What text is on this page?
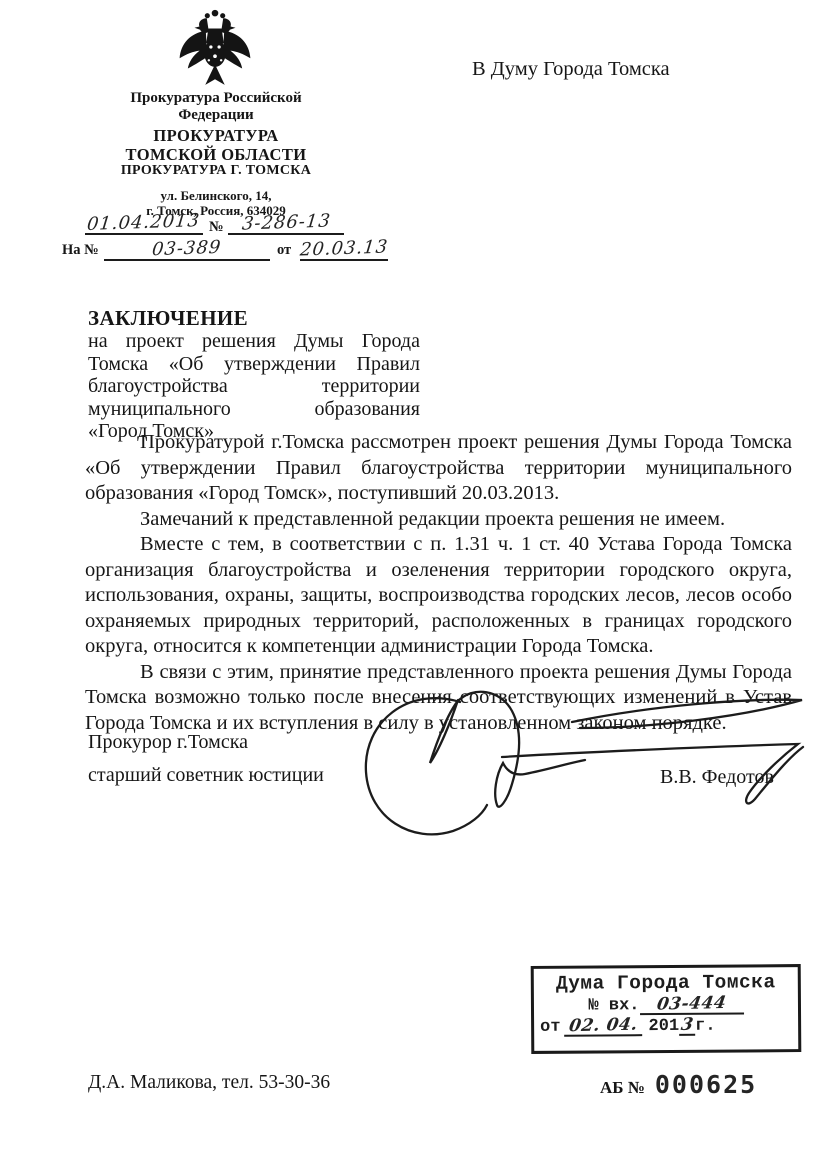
Прокуратура Российской Федерации
ПРОКУРАТУРА ТОМСКОЙ ОБЛАСТИ
ПРОКУРАТУРА Г. ТОМСКА
ул. Белинского, 14,
г. Томск, Россия, 634029
01.04.2013 № 3-286-13
На №	03-389	от 20.03.13
В Думу Города Томска
ЗАКЛЮЧЕНИЕ
на проект решения Думы Города
Томска «Об утверждении Правил
благоустройства территории
муниципального образования
«Город Томск»

Прокуратурой г.Томска рассмотрен проект решения Думы Города Томска «Об утверждении Правил благоустройства территории муниципального образования «Город Томск», поступивший 20.03.2013.

Замечаний к представленной редакции проекта решения не имеем.

Вместе с тем, в соответствии с п. 1.31 ч. 1 ст. 40 Устава Города Томска организация благоустройства и озеленения территории городского округа, использования, охраны, защиты, воспроизводства городских лесов, лесов особо охраняемых природных территорий, расположенных в границах городского округа, относится к компетенции администрации Города Томска.

В связи с этим, принятие представленного проекта решения Думы Города Томска возможно только после внесения соответствующих изменений в Устав Города Томска и их вступления в силу в установленном законом порядке.

Прокурор г.Томска
старший советник юстиции	В.В. Федотов
Дума Города Томска
№ вх. 03-444
от 02. 04. 201 3 г.
Д.А. Маликова, тел. 53-30-36	АБ № 000625
